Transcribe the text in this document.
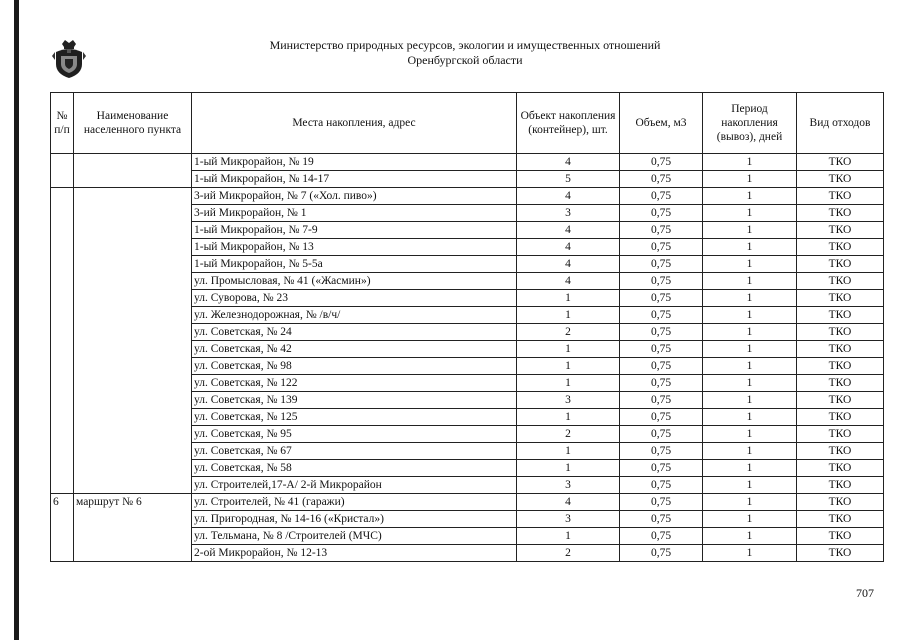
Министерство природных ресурсов, экологии и имущественных отношений
Оренбургской области
№ п/п	Наименование населенного пункта	Места накопления, адрес	Объект накопления (контейнер), шт.	Объем, м3	Период накопления (вывоз), дней	Вид отходов
		1-ый Микрорайон, № 19	4	0,75	1	ТКО
		1-ый Микрорайон, № 14-17	5	0,75	1	ТКО
		3-ий Микрорайон, № 7 («Хол. пиво»)	4	0,75	1	ТКО
		3-ий Микрорайон, № 1	3	0,75	1	ТКО
		1-ый Микрорайон, № 7-9	4	0,75	1	ТКО
		1-ый Микрорайон, № 13	4	0,75	1	ТКО
		1-ый Микрорайон, № 5-5а	4	0,75	1	ТКО
		ул. Промысловая, № 41 («Жасмин»)	4	0,75	1	ТКО
		ул. Суворова, № 23	1	0,75	1	ТКО
		ул. Железнодорожная, № /в/ч/	1	0,75	1	ТКО
		ул. Советская, № 24	2	0,75	1	ТКО
		ул. Советская, № 42	1	0,75	1	ТКО
		ул. Советская, № 98	1	0,75	1	ТКО
		ул. Советская, № 122	1	0,75	1	ТКО
		ул. Советская, № 139	3	0,75	1	ТКО
		ул. Советская, № 125	1	0,75	1	ТКО
		ул. Советская, № 95	2	0,75	1	ТКО
		ул. Советская, № 67	1	0,75	1	ТКО
		ул. Советская, № 58	1	0,75	1	ТКО
		ул. Строителей,17-А/ 2-й Микрорайон	3	0,75	1	ТКО
6	маршрут № 6	ул. Строителей, № 41 (гаражи)	4	0,75	1	ТКО
		ул. Пригородная, № 14-16 («Кристал»)	3	0,75	1	ТКО
		ул. Тельмана, № 8 /Строителей (МЧС)	1	0,75	1	ТКО
		2-ой Микрорайон, № 12-13	2	0,75	1	ТКО
707
